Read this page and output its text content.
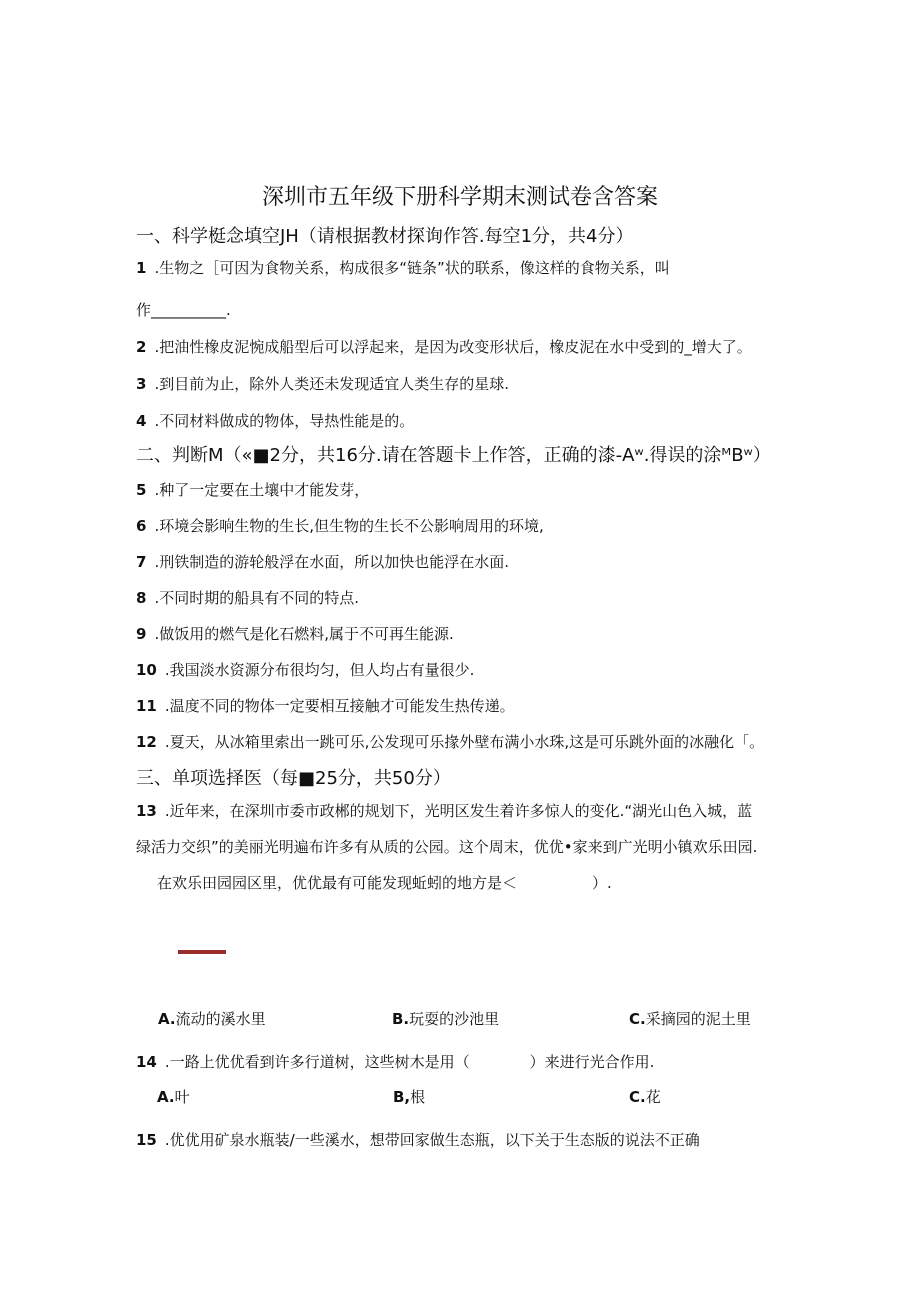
深圳市五年级下册科学期末测试卷含答案
一、科学梃念填空JH（请根据教材探询作答.每空1分，共4分）
1 .生物之［可因为食物关系，构成很多“链条”状的联系，像这样的食物关系，叫
作__________.
2 .把油性橡皮泥惋成船型后可以浮起来，是因为改变形状后，橡皮泥在水中受到的_增大了。
3 .到目前为止，除外人类还未发现适宜人类生存的星球.
4 .不同材料做成的物体，导热性能是的。
二、判断M（«■2分，共16分.请在答题卡上作答，正确的漆-Aʷ.得误的涂ᴹBʷ）
5 .种了一定要在土壤中才能发芽，
6 .环境会影响生物的生长,但生物的生长不公影响周用的环境,
7 .刑铁制造的游轮般浮在水面，所以加快也能浮在水面.
8 .不同时期的船具有不同的特点.
9 .做饭用的燃气是化石燃料,属于不可再生能源.
10 .我国淡水资源分布很均匀，但人均占有量很少.
11 .温度不同的物体一定要相互接触才可能发生热传递。
12 .夏天，从冰箱里索出一跳可乐,公发现可乐掾外壁布满小水珠,这是可乐跳外面的冰融化「。
三、单项选择医（每■25分，共50分）
13 .近年来，在深圳市委市政郴的规划下，光明区发生着许多惊人的变化.“湖光山色入城，蓝
绿活力交织”的美丽光明遍布许多有从质的公园。这个周末，优优•家来到广光明小镇欢乐田园.
在欢乐田园园区里，优优最有可能发现蚯蚓的地方是＜　　　　　）.
A.流动的溪水里	B.玩耍的沙池里	C.采摘园的泥土里
14 .一路上优优看到许多行道树，这些树木是用（　　　　）来进行光合作用.
A.叶	B,根	C.花
15 .优优用矿泉水瓶装/一些溪水，想带回家做生态瓶，以下关于生态版的说法不正确
